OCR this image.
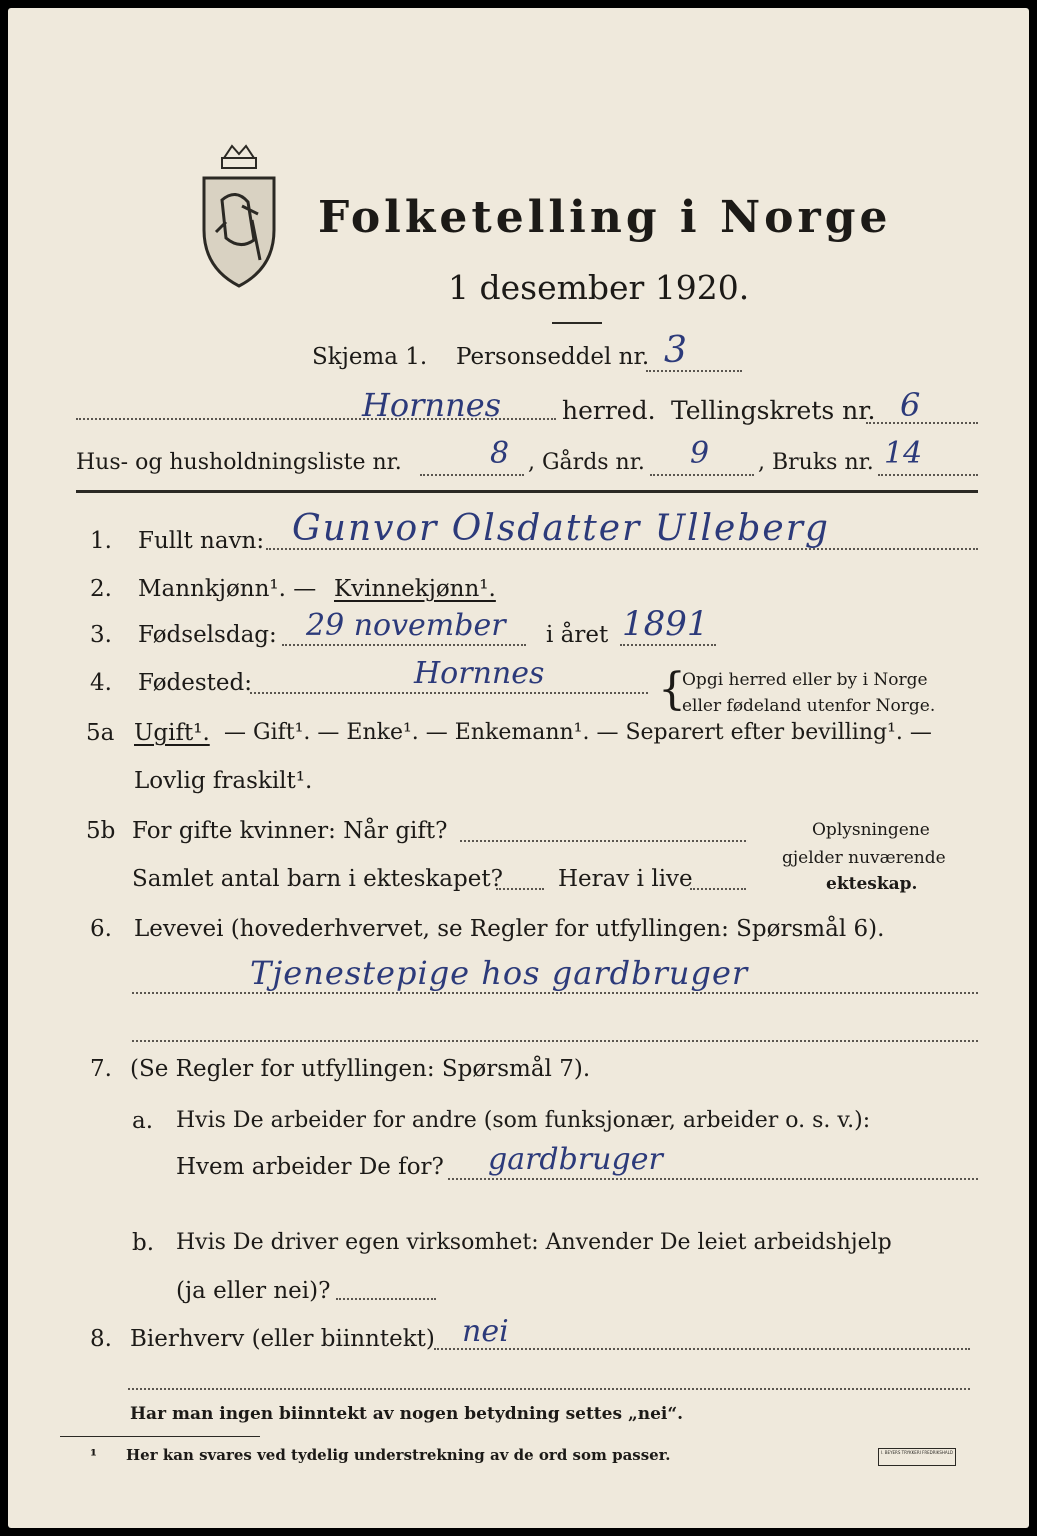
Folketelling i Norge
1 desember 1920.
Skjema 1. Personseddel nr. 3
Hornnes herred. Tellingskrets nr. 6
Hus- og husholdningsliste nr.	8 , Gårds nr. 9 , Bruks nr. 14
1. Fullt navn: Gunvor Olsdatter Ulleberg
2. Mannkjønn¹. — Kvinnekjønn¹.
3. Fødselsdag: 29 november i året 1891
4. Fødested:	Hornnes	{
Opgi herred eller by i Norge
eller fødeland utenfor Norge.
5a Ugift¹. — Gift¹. — Enke¹. — Enkemann¹. — Separert efter bevilling¹. —
Lovlig fraskilt¹.
5b For gifte kvinner: Når gift?
Samlet antal barn i ekteskapet? Herav i live
Oplysningene
gjelder nuværende
ekteskap.
6. Levevei (hovederhvervet, se Regler for utfyllingen: Spørsmål 6).
Tjenestepige hos gardbruger
7. (Se Regler for utfyllingen: Spørsmål 7).
a. Hvis De arbeider for andre (som funksjonær, arbeider o. s. v.):
Hvem arbeider De for? gardbruger
b. Hvis De driver egen virksomhet: Anvender De leiet arbeidshjelp
(ja eller nei)?
8. Bierhverv (eller biinntekt) nei
Har man ingen biinntekt av nogen betydning settes „nei“.
¹ Her kan svares ved tydelig understrekning av de ord som passer.	I. BEYERS TRYKKERI FREDRIKSHALD
